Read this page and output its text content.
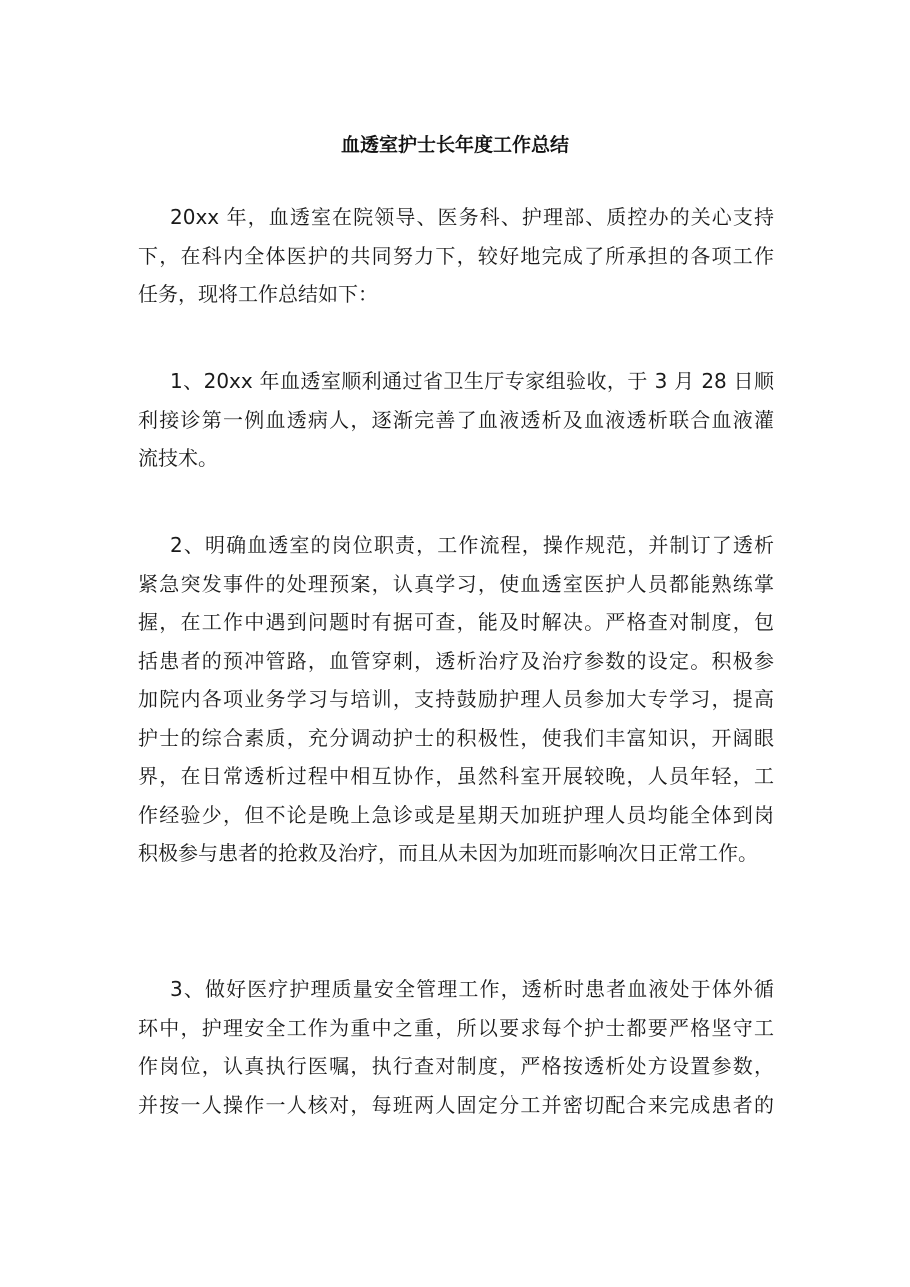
血透室护士长年度工作总结

20xx 年，血透室在院领导、医务科、护理部、质控办的关心支持
下，在科内全体医护的共同努力下，较好地完成了所承担的各项工作
任务，现将工作总结如下：

1、20xx 年血透室顺利通过省卫生厅专家组验收，于 3 月 28 日顺
利接诊第一例血透病人，逐渐完善了血液透析及血液透析联合血液灌
流技术。

2、明确血透室的岗位职责，工作流程，操作规范，并制订了透析
紧急突发事件的处理预案，认真学习，使血透室医护人员都能熟练掌
握，在工作中遇到问题时有据可查，能及时解决。严格查对制度，包
括患者的预冲管路，血管穿刺，透析治疗及治疗参数的设定。积极参
加院内各项业务学习与培训，支持鼓励护理人员参加大专学习，提高
护士的综合素质，充分调动护士的积极性，使我们丰富知识，开阔眼
界，在日常透析过程中相互协作，虽然科室开展较晚，人员年轻，工
作经验少，但不论是晚上急诊或是星期天加班护理人员均能全体到岗
积极参与患者的抢救及治疗，而且从未因为加班而影响次日正常工作。

3、做好医疗护理质量安全管理工作，透析时患者血液处于体外循
环中，护理安全工作为重中之重，所以要求每个护士都要严格坚守工
作岗位，认真执行医嘱，执行查对制度，严格按透析处方设置参数，
并按一人操作一人核对，每班两人固定分工并密切配合来完成患者的
